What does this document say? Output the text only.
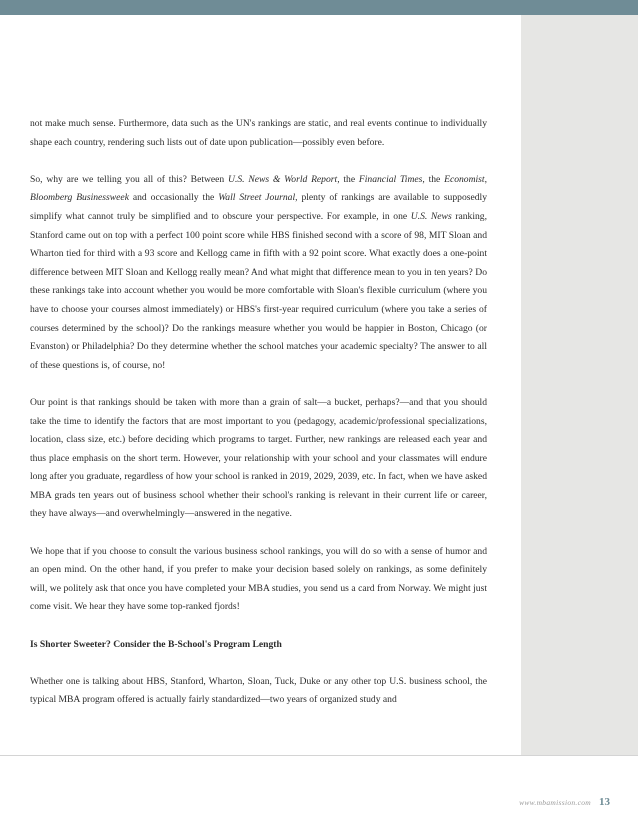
not make much sense. Furthermore, data such as the UN's rankings are static, and real events continue to individually shape each country, rendering such lists out of date upon publication—possibly even before.

So, why are we telling you all of this? Between U.S. News & World Report, the Financial Times, the Economist, Bloomberg Businessweek and occasionally the Wall Street Journal, plenty of rankings are available to supposedly simplify what cannot truly be simplified and to obscure your perspective. For example, in one U.S. News ranking, Stanford came out on top with a perfect 100 point score while HBS finished second with a score of 98, MIT Sloan and Wharton tied for third with a 93 score and Kellogg came in fifth with a 92 point score. What exactly does a one-point difference between MIT Sloan and Kellogg really mean? And what might that difference mean to you in ten years? Do these rankings take into account whether you would be more comfortable with Sloan's flexible curriculum (where you have to choose your courses almost immediately) or HBS's first-year required curriculum (where you take a series of courses determined by the school)? Do the rankings measure whether you would be happier in Boston, Chicago (or Evanston) or Philadelphia? Do they determine whether the school matches your academic specialty? The answer to all of these questions is, of course, no!

Our point is that rankings should be taken with more than a grain of salt—a bucket, perhaps?—and that you should take the time to identify the factors that are most important to you (pedagogy, academic/professional specializations, location, class size, etc.) before deciding which programs to target. Further, new rankings are released each year and thus place emphasis on the short term. However, your relationship with your school and your classmates will endure long after you graduate, regardless of how your school is ranked in 2019, 2029, 2039, etc. In fact, when we have asked MBA grads ten years out of business school whether their school's ranking is relevant in their current life or career, they have always—and overwhelmingly—answered in the negative.

We hope that if you choose to consult the various business school rankings, you will do so with a sense of humor and an open mind. On the other hand, if you prefer to make your decision based solely on rankings, as some definitely will, we politely ask that once you have completed your MBA studies, you send us a card from Norway. We might just come visit. We hear they have some top-ranked fjords!

Is Shorter Sweeter? Consider the B-School's Program Length

Whether one is talking about HBS, Stanford, Wharton, Sloan, Tuck, Duke or any other top U.S. business school, the typical MBA program offered is actually fairly standardized—two years of organized study and

www.mbamission.com 13
